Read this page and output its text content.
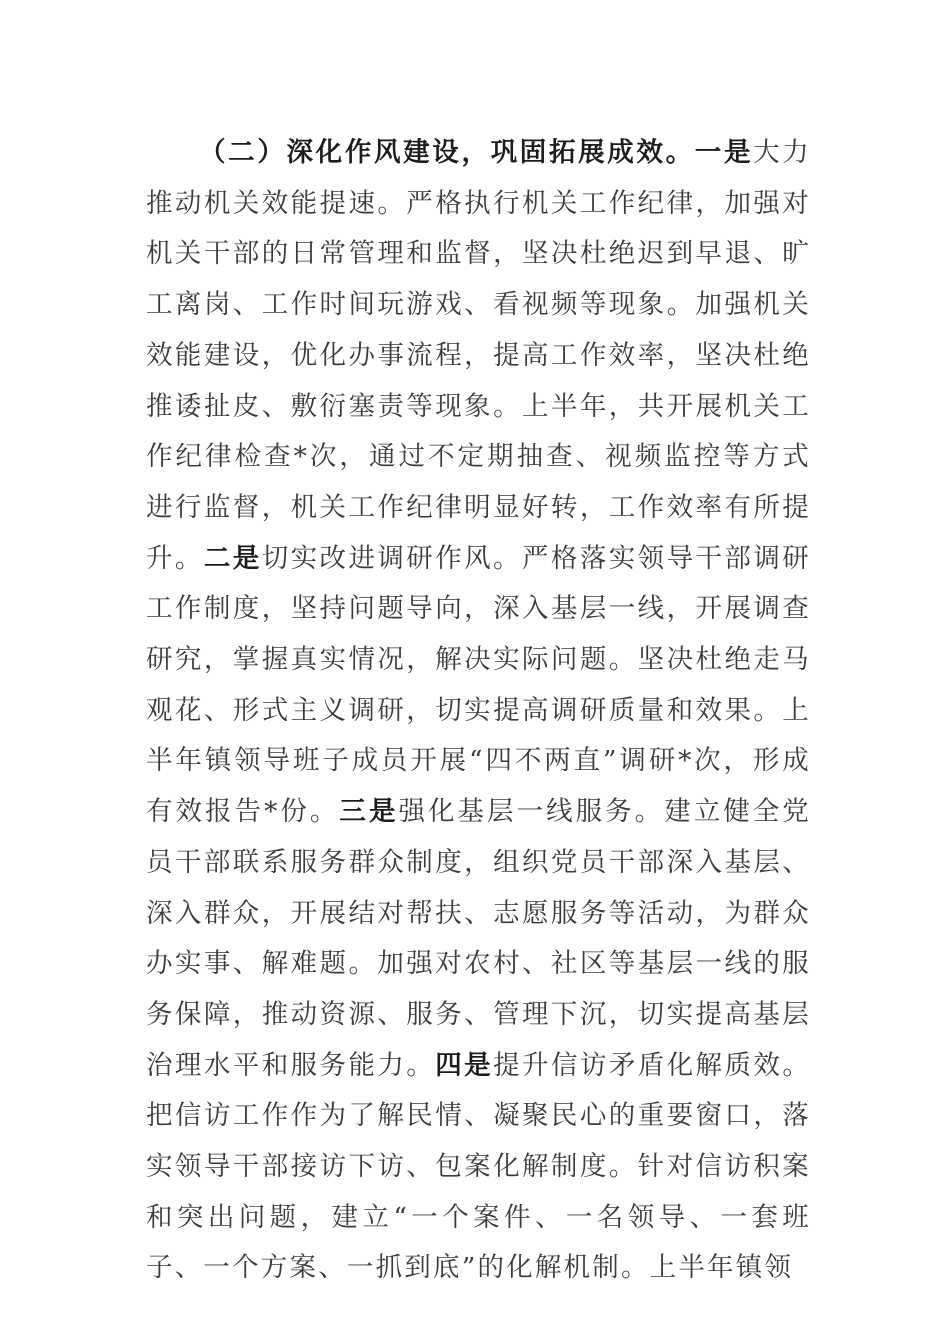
（二）深化作风建设，巩固拓展成效。一是大力推动机关效能提速。严格执行机关工作纪律，加强对机关干部的日常管理和监督，坚决杜绝迟到早退、旷工离岗、工作时间玩游戏、看视频等现象。加强机关效能建设，优化办事流程，提高工作效率，坚决杜绝推诿扯皮、敷衍塞责等现象。上半年，共开展机关工作纪律检查*次，通过不定期抽查、视频监控等方式进行监督，机关工作纪律明显好转，工作效率有所提升。二是切实改进调研作风。严格落实领导干部调研工作制度，坚持问题导向，深入基层一线，开展调查研究，掌握真实情况，解决实际问题。坚决杜绝走马观花、形式主义调研，切实提高调研质量和效果。上半年镇领导班子成员开展“四不两直”调研*次，形成有效报告*份。三是强化基层一线服务。建立健全党员干部联系服务群众制度，组织党员干部深入基层、深入群众，开展结对帮扶、志愿服务等活动，为群众办实事、解难题。加强对农村、社区等基层一线的服务保障，推动资源、服务、管理下沉，切实提高基层治理水平和服务能力。四是提升信访矛盾化解质效。把信访工作作为了解民情、凝聚民心的重要窗口，落实领导干部接访下访、包案化解制度。针对信访积案和突出问题，建立“一个案件、一名领导、一套班子、一个方案、一抓到底”的化解机制。上半年镇领
